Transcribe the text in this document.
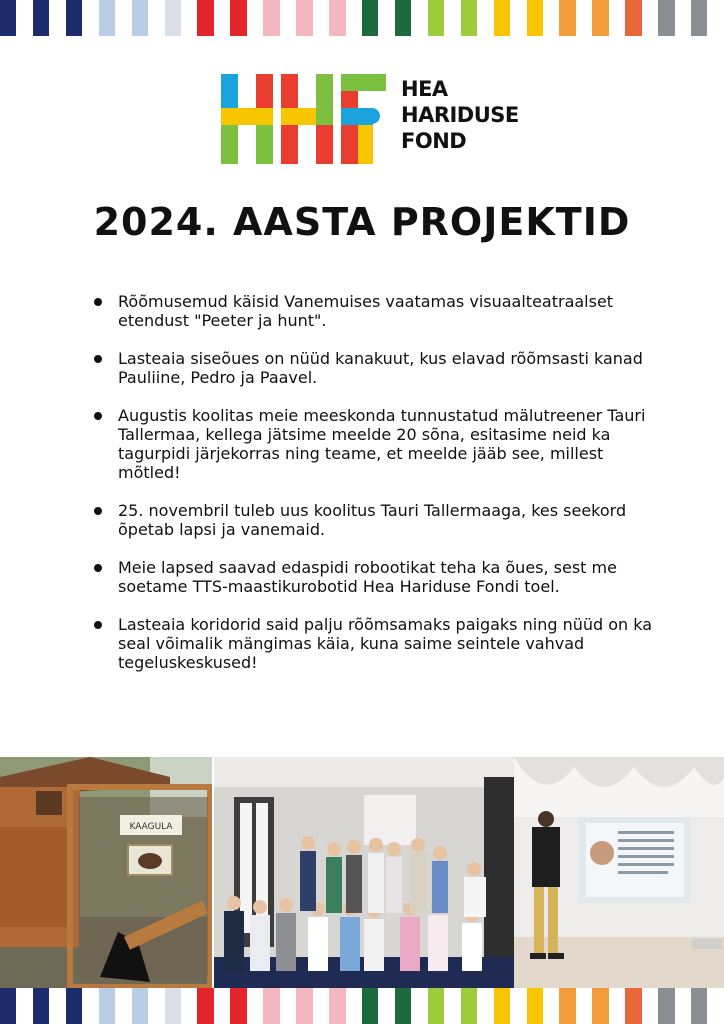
HEA
HARIDUSE
FOND
2024. AASTA PROJEKTID
Rõõmusemud käisid Vanemuises vaatamas visuaalteatraalset etendust "Peeter ja hunt".
Lasteaia siseõues on nüüd kanakuut, kus elavad rõõmsasti kanad Pauliine, Pedro ja Paavel.
Augustis koolitas meie meeskonda tunnustatud mälutreener Tauri Tallermaa, kellega jätsime meelde 20 sõna, esitasime neid ka tagurpidi järjekorras ning teame, et meelde jääb see, millest mõtled!
25. novembril tuleb uus koolitus Tauri Tallermaaga, kes seekord õpetab lapsi ja vanemaid.
Meie lapsed saavad edaspidi robootikat teha ka õues, sest me soetame TTS-maastikurobotid Hea Hariduse Fondi toel.
Lasteaia koridorid said palju rõõmsamaks paigaks ning nüüd on ka seal võimalik mängimas käia, kuna saime seintele vahvad tegeluskeskused!
KAAGULA
